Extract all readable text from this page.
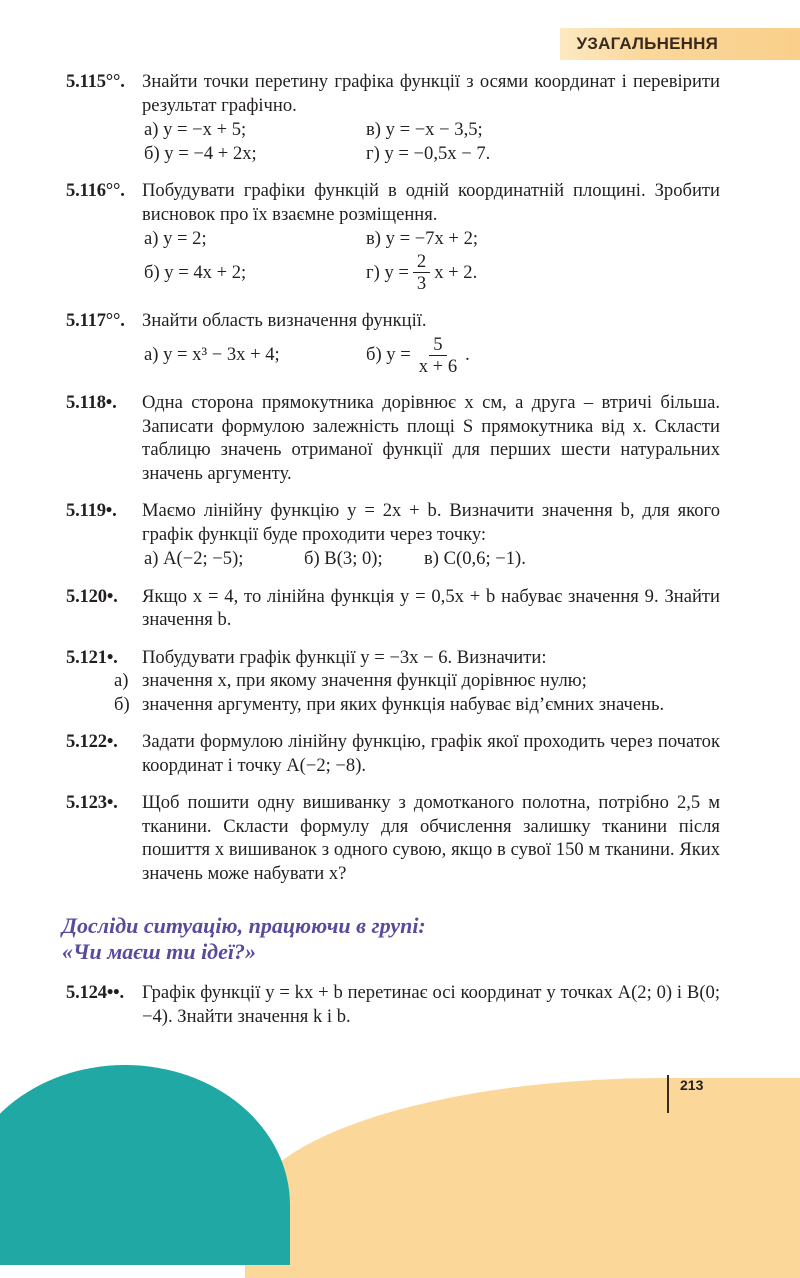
УЗАГАЛЬНЕННЯ
5.115°°. Знайти точки перетину графіка функції з осями координат і перевірити результат графічно.
а) y = −x + 5;	в) y = −x − 3,5;
б) y = −4 + 2x;	г) y = −0,5x − 7.
5.116°°. Побудувати графіки функцій в одній координатній площині. Зробити висновок про їх взаємне розміщення.
а) y = 2;	в) y = −7x + 2;
б) y = 4x + 2;	г) $y = \frac{2}{3}$ x + 2.
5.117°°. Знайти область визначення функції.
а) y = x³ − 3x + 4;	б) $y = \frac{5}{x + 6}$ .
5.118•. Одна сторона прямокутника дорівнює x см, а друга – втричі більша. Записати формулою залежність площі S прямокутника від x. Скласти таблицю значень отриманої функції для перших шести натуральних значень аргументу.
5.119•. Маємо лінійну функцію y = 2x + b. Визначити значення b, для якого графік функції буде проходити через точку:
а) A(−2; −5);	б) B(3; 0);	в) C(0,6; −1).
5.120•. Якщо x = 4, то лінійна функція y = 0,5x + b набуває значення 9. Знайти значення b.
5.121•. Побудувати графік функції y = −3x − 6. Визначити:
а) значення x, при якому значення функції дорівнює нулю;
б) значення аргументу, при яких функція набуває від’ємних значень.
5.122•. Задати формулою лінійну функцію, графік якої проходить через початок координат і точку A(−2; −8).
5.123•. Щоб пошити одну вишиванку з домотканого полотна, потрібно 2,5 м тканини. Скласти формулу для обчислення залишку тканини після пошиття x вишиванок з одного сувою, якщо в сувої 150 м тканини. Яких значень може набувати x?
Досліди ситуацію, працюючи в групі:
«Чи маєш ти ідеї?»
5.124••. Графік функції y = kx + b перетинає осі координат у точках A(2; 0) і B(0; −4). Знайти значення k і b.
213
